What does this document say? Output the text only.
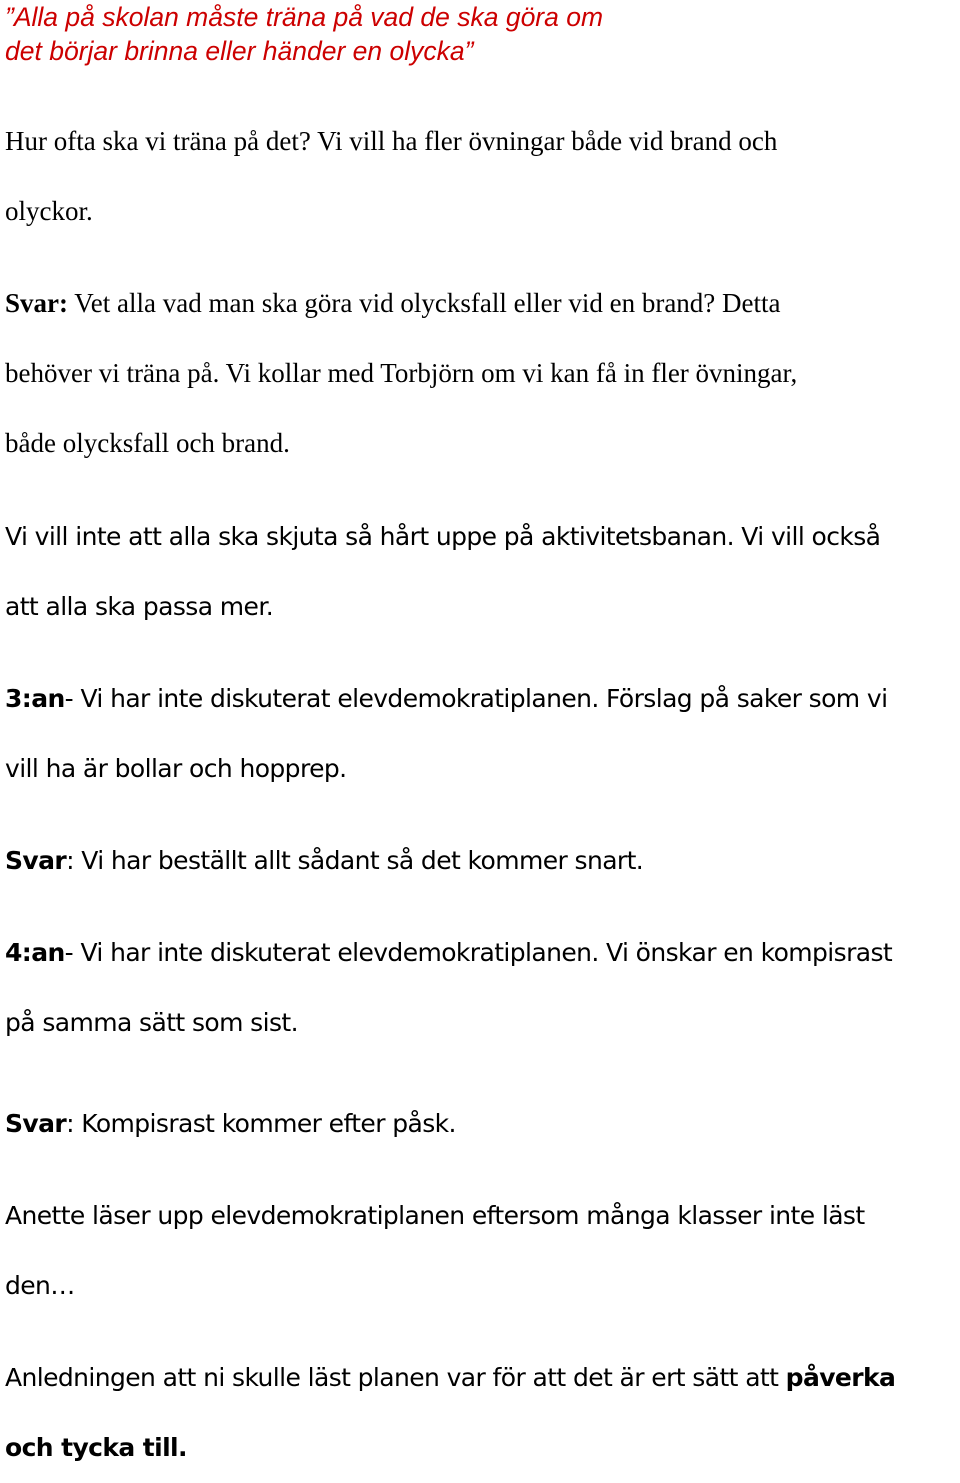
”Alla på skolan måste träna på vad de ska göra om
det börjar brinna eller händer en olycka”
Hur ofta ska vi träna på det? Vi vill ha fler övningar både vid brand och
olyckor.
Svar: Vet alla vad man ska göra vid olycksfall eller vid en brand? Detta
behöver vi träna på. Vi kollar med Torbjörn om vi kan få in fler övningar,
både olycksfall och brand.
Vi vill inte att alla ska skjuta så hårt uppe på aktivitetsbanan. Vi vill också
att alla ska passa mer.
3:an- Vi har inte diskuterat elevdemokratiplanen. Förslag på saker som vi
vill ha är bollar och hopprep.
Svar: Vi har beställt allt sådant så det kommer snart.
4:an- Vi har inte diskuterat elevdemokratiplanen. Vi önskar en kompisrast
på samma sätt som sist.
Svar: Kompisrast kommer efter påsk.
Anette läser upp elevdemokratiplanen eftersom många klasser inte läst
den…
Anledningen att ni skulle läst planen var för att det är ert sätt att påverka
och tycka till.
